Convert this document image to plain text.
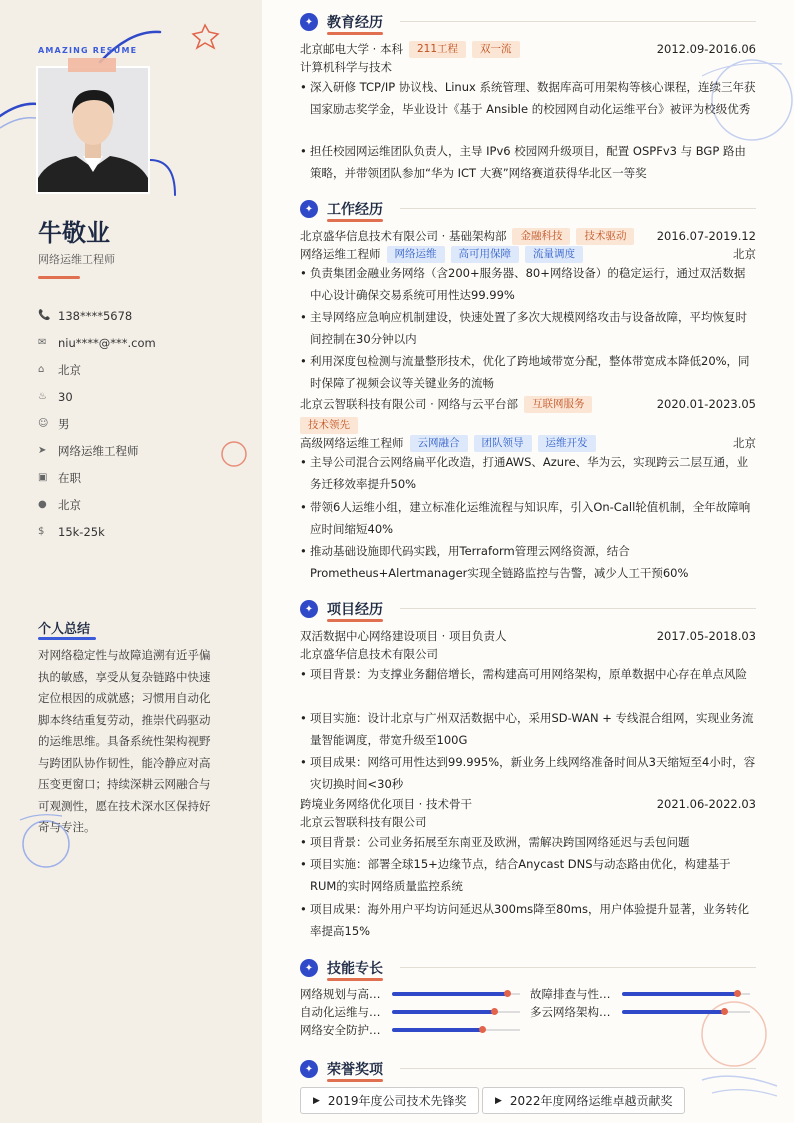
AMAZING RESUME
牛敬业
网络运维工程师
📞 138****5678
✉	niu****@***.com
⌂	北京
♨ 30
☺ 男
➤	网络运维工程师
▣ 在职
● 北京
$	15k-25k
个人总结
对网络稳定性与故障追溯有近乎偏执的敏感，享受从复杂链路中快速定位根因的成就感；习惯用自动化脚本终结重复劳动，推崇代码驱动的运维思维。具备系统性架构视野与跨团队协作韧性，能冷静应对高压变更窗口；持续深耕云网融合与可观测性，愿在技术深水区保持好奇与专注。
✦ 教育经历
北京邮电大学 · 本科	211工程	双一流	2012.09-2016.06
计算机科学与技术
• 深入研修 TCP/IP 协议栈、Linux 系统管理、数据库高可用架构等核心课程，连续三年获国家励志奖学金，毕业设计《基于 Ansible 的校园网自动化运维平台》被评为校级优秀
• 担任校园网运维团队负责人，主导 IPv6 校园网升级项目，配置 OSPFv3 与 BGP 路由策略，并带领团队参加“华为 ICT 大赛”网络赛道获得华北区一等奖
✦ 工作经历
北京盛华信息技术有限公司 · 基础架构部	金融科技	技术驱动	2016.07-2019.12
网络运维工程师	网络运维	高可用保障	流量调度	北京
• 负责集团金融业务网络（含200+服务器、80+网络设备）的稳定运行，通过双活数据中心设计确保交易系统可用性达99.99%
• 主导网络应急响应机制建设，快速处置了多次大规模网络攻击与设备故障，平均恢复时间控制在30分钟以内
• 利用深度包检测与流量整形技术，优化了跨地域带宽分配，整体带宽成本降低20%，同时保障了视频会议等关键业务的流畅
北京云智联科技有限公司 · 网络与云平台部	互联网服务	2020.01-2023.05
技术领先
高级网络运维工程师	云网融合	团队领导	运维开发	北京
• 主导公司混合云网络扁平化改造，打通AWS、Azure、华为云，实现跨云二层互通，业务迁移效率提升50%
• 带领6人运维小组，建立标准化运维流程与知识库，引入On-Call轮值机制，全年故障响应时间缩短40%
• 推动基础设施即代码实践，用Terraform管理云网络资源，结合Prometheus+Alertmanager实现全链路监控与告警，减少人工干预60%
✦ 项目经历
双活数据中心网络建设项目 · 项目负责人	2017.05-2018.03
北京盛华信息技术有限公司
• 项目背景：为支撑业务翻倍增长，需构建高可用网络架构，原单数据中心存在单点风险
• 项目实施：设计北京与广州双活数据中心，采用SD-WAN + 专线混合组网，实现业务流量智能调度，带宽升级至100G
• 项目成果：网络可用性达到99.995%，新业务上线网络准备时间从3天缩短至4小时，容灾切换时间<30秒
跨境业务网络优化项目 · 技术骨干	2021.06-2022.03
北京云智联科技有限公司
• 项目背景：公司业务拓展至东南亚及欧洲，需解决跨国网络延迟与丢包问题
• 项目实施：部署全球15+边缘节点，结合Anycast DNS与动态路由优化，构建基于RUM的实时网络质量监控系统
• 项目成果：海外用户平均访问延迟从300ms降至80ms，用户体验提升显著，业务转化率提高15%
✦ 技能专长
网络规划与高…	故障排查与性…
自动化运维与…	多云网络架构…
网络安全防护…
✦ 荣誉奖项
▶ 2019年度公司技术先锋奖	▶ 2022年度网络运维卓越贡献奖
